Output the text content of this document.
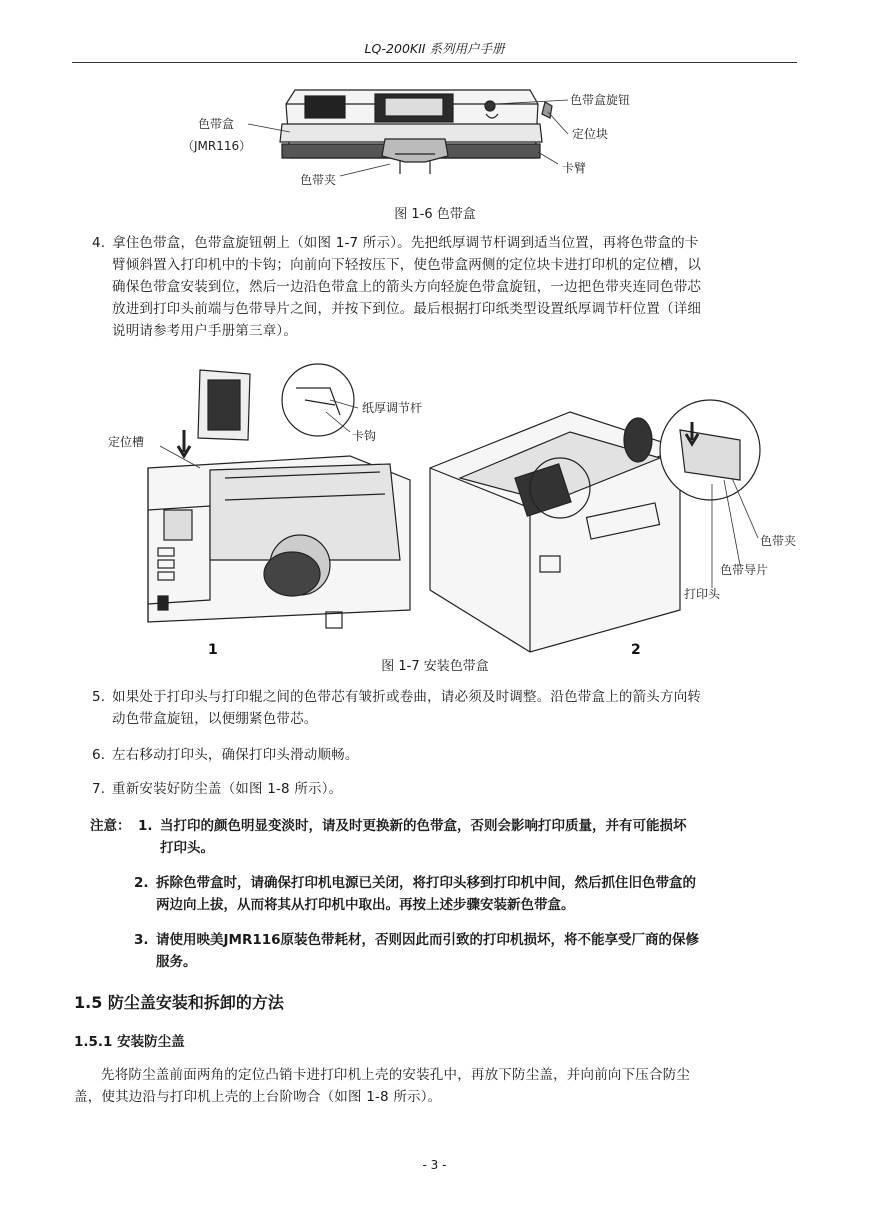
LQ-200KII 系列用户手册
色带盒
（JMR116）
色带盒旋钮
定位块
卡臂
色带夹
图 1-6 色带盒
4. 拿住色带盒，色带盒旋钮朝上（如图 1-7 所示）。先把纸厚调节杆调到适当位置，再将色带盒的卡
臂倾斜置入打印机中的卡钩；向前向下轻按压下，使色带盒两侧的定位块卡进打印机的定位槽，以
确保色带盒安装到位，然后一边沿色带盒上的箭头方向轻旋色带盒旋钮，一边把色带夹连同色带芯
放进到打印头前端与色带导片之间，并按下到位。最后根据打印纸类型设置纸厚调节杆位置（详细
说明请参考用户手册第三章）。
纸厚调节杆
卡钩
定位槽
色带夹
色带导片
打印头
1	2
图 1-7 安装色带盒
5. 如果处于打印头与打印辊之间的色带芯有皱折或卷曲，请必须及时调整。沿色带盒上的箭头方向转
动色带盒旋钮，以便绷紧色带芯。
6. 左右移动打印头，确保打印头滑动顺畅。
7. 重新安装好防尘盖（如图 1-8 所示）。
注意： 1. 当打印的颜色明显变淡时，请及时更换新的色带盒，否则会影响打印质量，并有可能损坏
打印头。
2. 拆除色带盒时，请确保打印机电源已关闭，将打印头移到打印机中间，然后抓住旧色带盒的
两边向上拔，从而将其从打印机中取出。再按上述步骤安装新色带盒。
3. 请使用映美JMR116原装色带耗材，否则因此而引致的打印机损坏，将不能享受厂商的保修
服务。
1.5 防尘盖安装和拆卸的方法
1.5.1 安装防尘盖
先将防尘盖前面两角的定位凸销卡进打印机上壳的安装孔中，再放下防尘盖，并向前向下压合防尘
盖，使其边沿与打印机上壳的上台阶吻合（如图 1-8 所示）。
- 3 -
